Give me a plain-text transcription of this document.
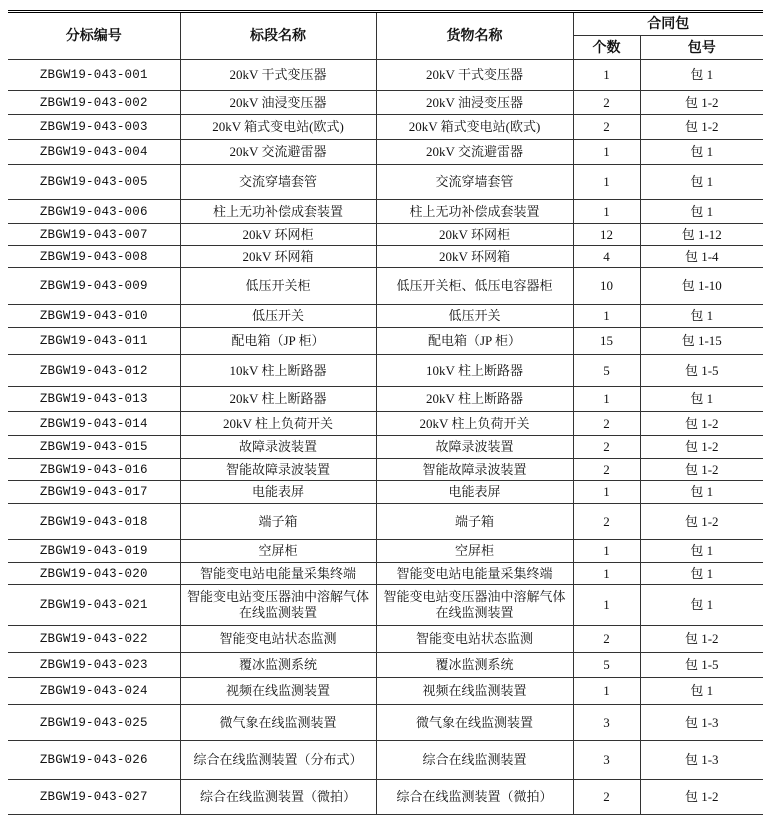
分标编号	标段名称	货物名称	合同包	
			个数	包号
ZBGW19-043-001	20kV 干式变压器	20kV 干式变压器	1	包 1
ZBGW19-043-002	20kV 油浸变压器	20kV 油浸变压器	2	包 1-2
ZBGW19-043-003	20kV 箱式变电站(欧式)	20kV 箱式变电站(欧式)	2	包 1-2
ZBGW19-043-004	20kV 交流避雷器	20kV 交流避雷器	1	包 1
ZBGW19-043-005	交流穿墙套管	交流穿墙套管	1	包 1
ZBGW19-043-006	柱上无功补偿成套装置	柱上无功补偿成套装置	1	包 1
ZBGW19-043-007	20kV 环网柜	20kV 环网柜	12	包 1-12
ZBGW19-043-008	20kV 环网箱	20kV 环网箱	4	包 1-4
ZBGW19-043-009	低压开关柜	低压开关柜、低压电容器柜	10	包 1-10
ZBGW19-043-010	低压开关	低压开关	1	包 1
ZBGW19-043-011	配电箱（JP 柜）	配电箱（JP 柜）	15	包 1-15
ZBGW19-043-012	10kV 柱上断路器	10kV 柱上断路器	5	包 1-5
ZBGW19-043-013	20kV 柱上断路器	20kV 柱上断路器	1	包 1
ZBGW19-043-014	20kV 柱上负荷开关	20kV 柱上负荷开关	2	包 1-2
ZBGW19-043-015	故障录波装置	故障录波装置	2	包 1-2
ZBGW19-043-016	智能故障录波装置	智能故障录波装置	2	包 1-2
ZBGW19-043-017	电能表屏	电能表屏	1	包 1
ZBGW19-043-018	端子箱	端子箱	2	包 1-2
ZBGW19-043-019	空屏柜	空屏柜	1	包 1
ZBGW19-043-020	智能变电站电能量采集终端	智能变电站电能量采集终端	1	包 1
ZBGW19-043-021	智能变电站变压器油中溶解气体在线监测装置	智能变电站变压器油中溶解气体在线监测装置	1	包 1
ZBGW19-043-022	智能变电站状态监测	智能变电站状态监测	2	包 1-2
ZBGW19-043-023	覆冰监测系统	覆冰监测系统	5	包 1-5
ZBGW19-043-024	视频在线监测装置	视频在线监测装置	1	包 1
ZBGW19-043-025	微气象在线监测装置	微气象在线监测装置	3	包 1-3
ZBGW19-043-026	综合在线监测装置（分布式）	综合在线监测装置	3	包 1-3
ZBGW19-043-027	综合在线监测装置（微拍）	综合在线监测装置（微拍）	2	包 1-2
